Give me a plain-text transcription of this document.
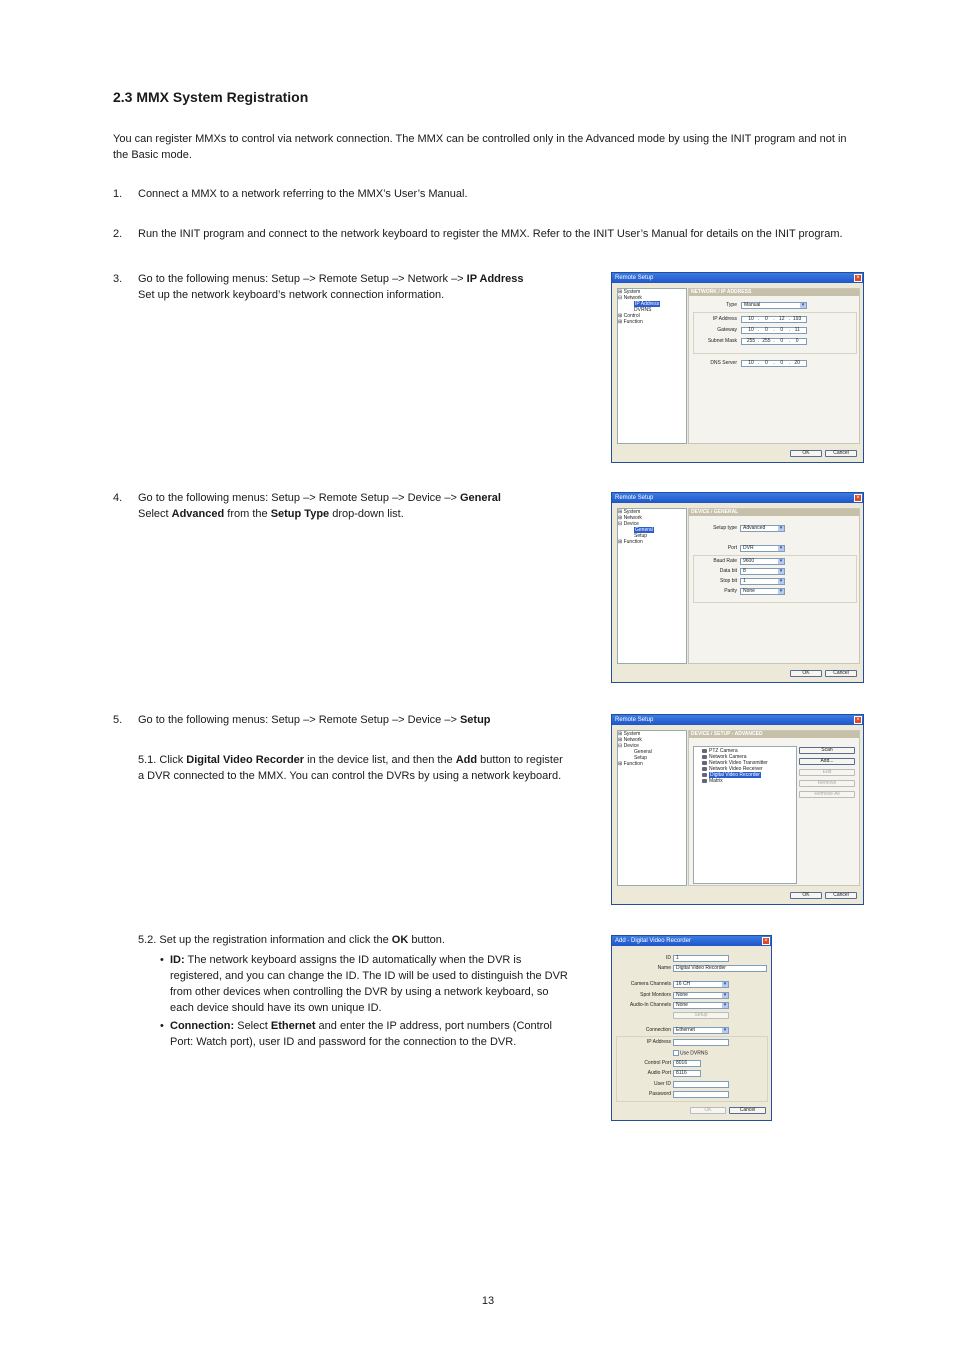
2.3 MMX System Registration
You can register MMXs to control via network connection. The MMX can be controlled only in the Advanced mode by using the INIT program and not in the Basic mode.
1. Connect a MMX to a network referring to the MMX’s User’s Manual.
2. Run the INIT program and connect to the network keyboard to register the MMX. Refer to the INIT User’s Manual for details on the INIT program.
3. Go to the following menus: Setup –> Remote Setup –> Network –> IP Address
Set up the network keyboard’s network connection information.
4. Go to the following menus: Setup –> Remote Setup –> Device –> General
Select Advanced from the Setup Type drop-down list.
5. Go to the following menus: Setup –> Remote Setup –> Device –> Setup
5.1. Click Digital Video Recorder in the device list, and then the Add button to register a DVR connected to the MMX. You can control the DVRs by using a network keyboard.
5.2. Set up the registration information and click the OK button.
• ID: The network keyboard assigns the ID automatically when the DVR is registered, and you can change the ID. The ID will be used to distinguish the DVR from other devices when controlling the DVR by using a network keyboard, so each device should have its own unique ID.
• Connection: Select Ethernet and enter the IP address, port numbers (Control Port: Watch port), user ID and password for the connection to the DVR.
13
Remote Setup	×
⊞ System
⊟ Network
IP Address
DVRNS
⊞ Control
⊞ Function
NETWORK / IP ADDRESS
Type	Manual ▾
IP Address	10 . 0 . 12 . 193
Gateway	10 . 0 . 0 . 11
Subnet Mask	255 . 255 . 0 . 0
DNS Server	10 . 0 . 0 . 20
OK	Cancel
Remote Setup	×
⊞ System
⊞ Network
⊟ Device
General
Setup
⊞ Function
DEVICE / GENERAL
Setup type	Advanced ▾
Port	DVR ▾
Baud Rate	9600 ▾
Data bit	8 ▾
Stop bit	1 ▾
Parity	None ▾
OK	Cancel
Remote Setup	×
⊞ System
⊞ Network
⊟ Device
General
Setup
⊞ Function
DEVICE / SETUP - ADVANCED
PTZ Camera
Network Camera
Network Video Transmitter
Network Video Receiver
Digital Video Recorder
Matrix
Scan
Add...
Edit
Remove
Remove All
OK	Cancel
Add - Digital Video Recorder	×
ID	1
Name	Digital Video Recorder
Camera Channels	16 CH ▾
Spot Monitors	None ▾
Audio-In Channels	None ▾
Setup
Connection	Ethernet ▾
IP Address
Use DVRNS
Control Port	8016
Audio Port	8116
User ID
Password
OK	Cancel
